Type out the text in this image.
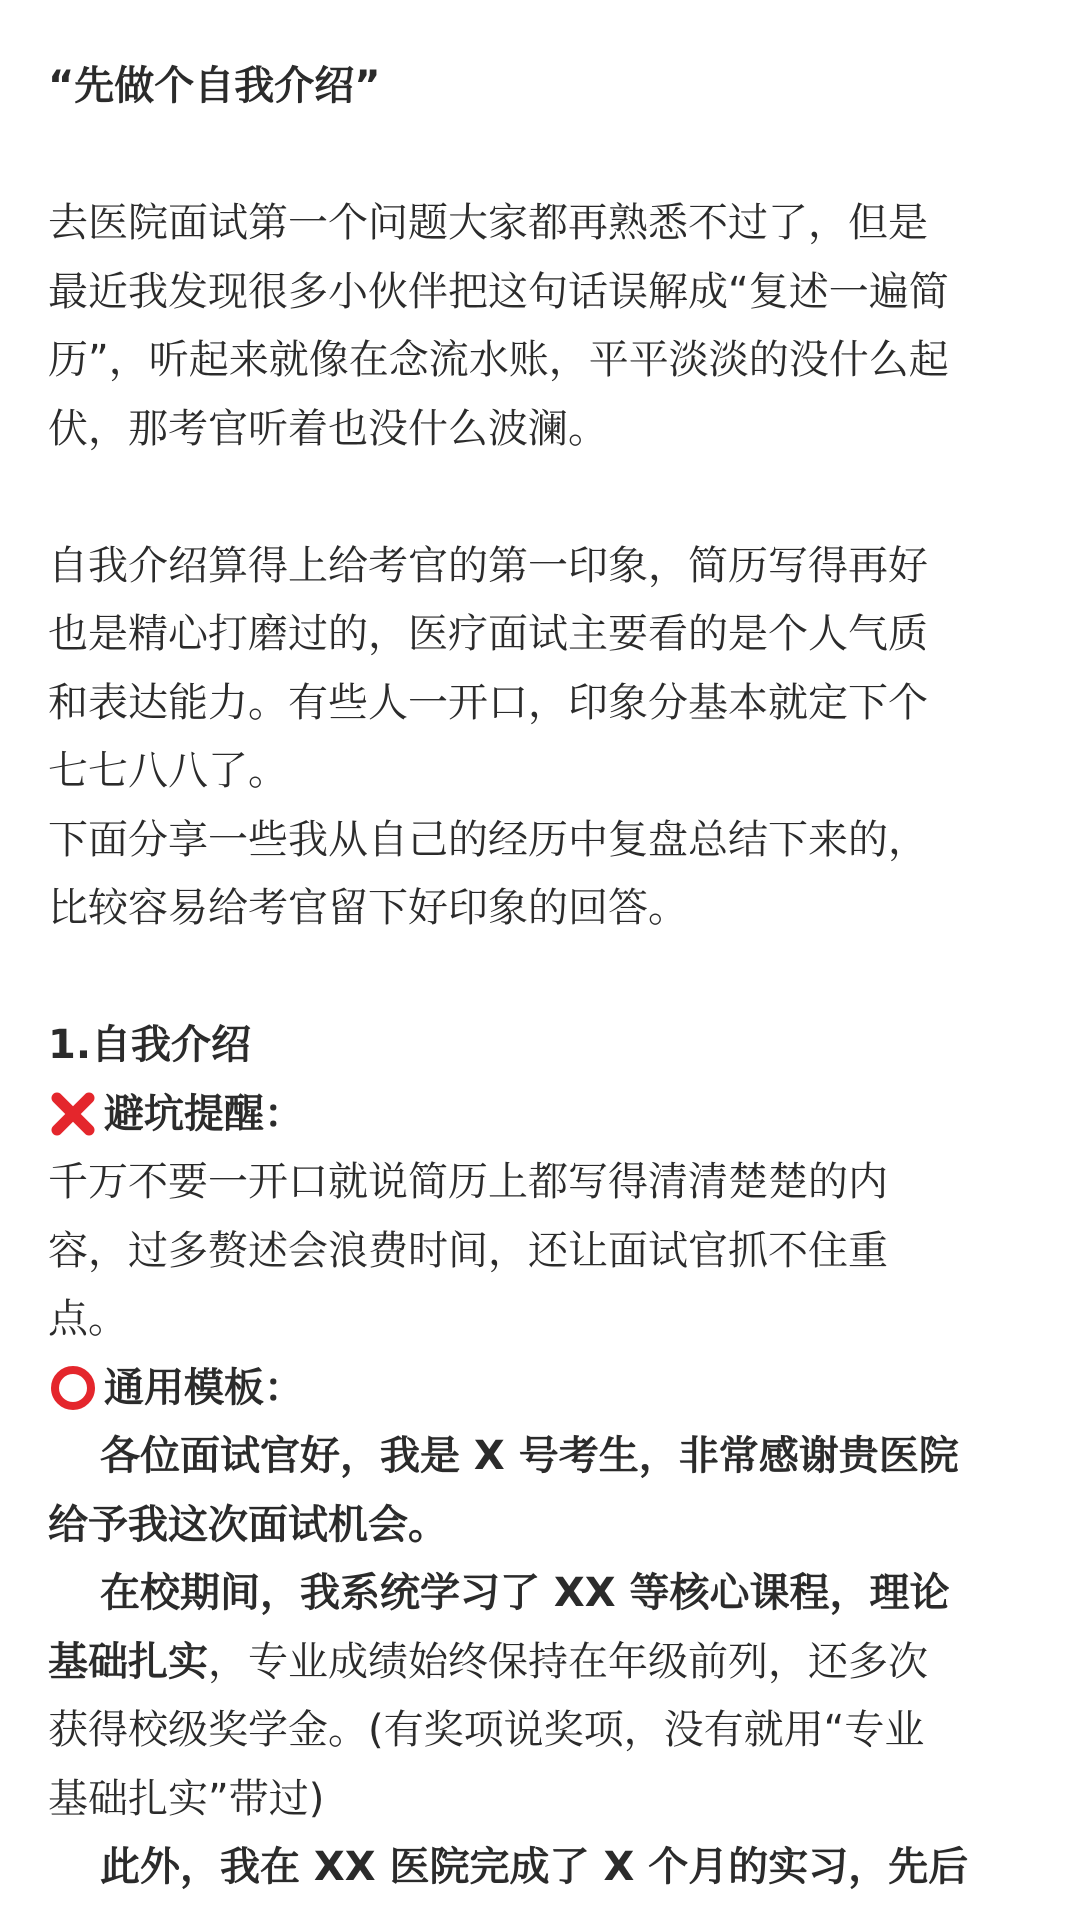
“先做个自我介绍”
去医院面试第一个问题大家都再熟悉不过了，但是
最近我发现很多小伙伴把这句话误解成“复述一遍简
历”，听起来就像在念流水账，平平淡淡的没什么起
伏，那考官听着也没什么波澜。
自我介绍算得上给考官的第一印象，简历写得再好
也是精心打磨过的，医疗面试主要看的是个人气质
和表达能力。有些人一开口，印象分基本就定下个
七七八八了。
下面分享一些我从自己的经历中复盘总结下来的，
比较容易给考官留下好印象的回答。
1.自我介绍
避坑提醒：
千万不要一开口就说简历上都写得清清楚楚的内
容，过多赘述会浪费时间，还让面试官抓不住重
点。
通用模板：
各位面试官好，我是 X 号考生，非常感谢贵医院
给予我这次面试机会。
在校期间，我系统学习了 XX 等核心课程，理论
基础扎实，专业成绩始终保持在年级前列，还多次
获得校级奖学金。(有奖项说奖项，没有就用“专业
基础扎实”带过)
此外，我在 XX 医院完成了 X 个月的实习，先后
